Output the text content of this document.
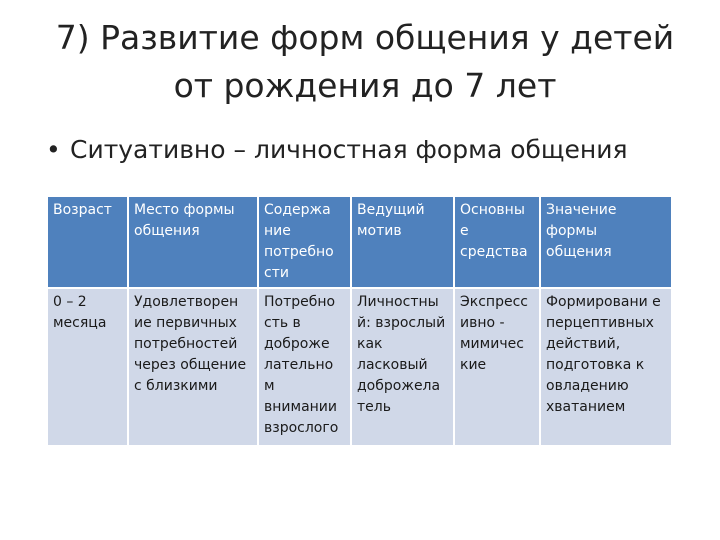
7) Развитие форм общения у детей
от рождения до 7 лет
• Ситуативно – личностная форма общения
Возраст	Место формы общения	Содержа ние потребно сти	Ведущий мотив	Основны е средства	Значение формы общения
0 – 2 месяца	Удовлетворен ие первичных потребностей через общение с близкими	Потребно сть в доброже лательно м внимании взрослого	Личностны й: взрослый как ласковый доброжела тель	Экспресс ивно - мимичес кие	Формировани е перцептивных действий, подготовка к овладению хватанием
